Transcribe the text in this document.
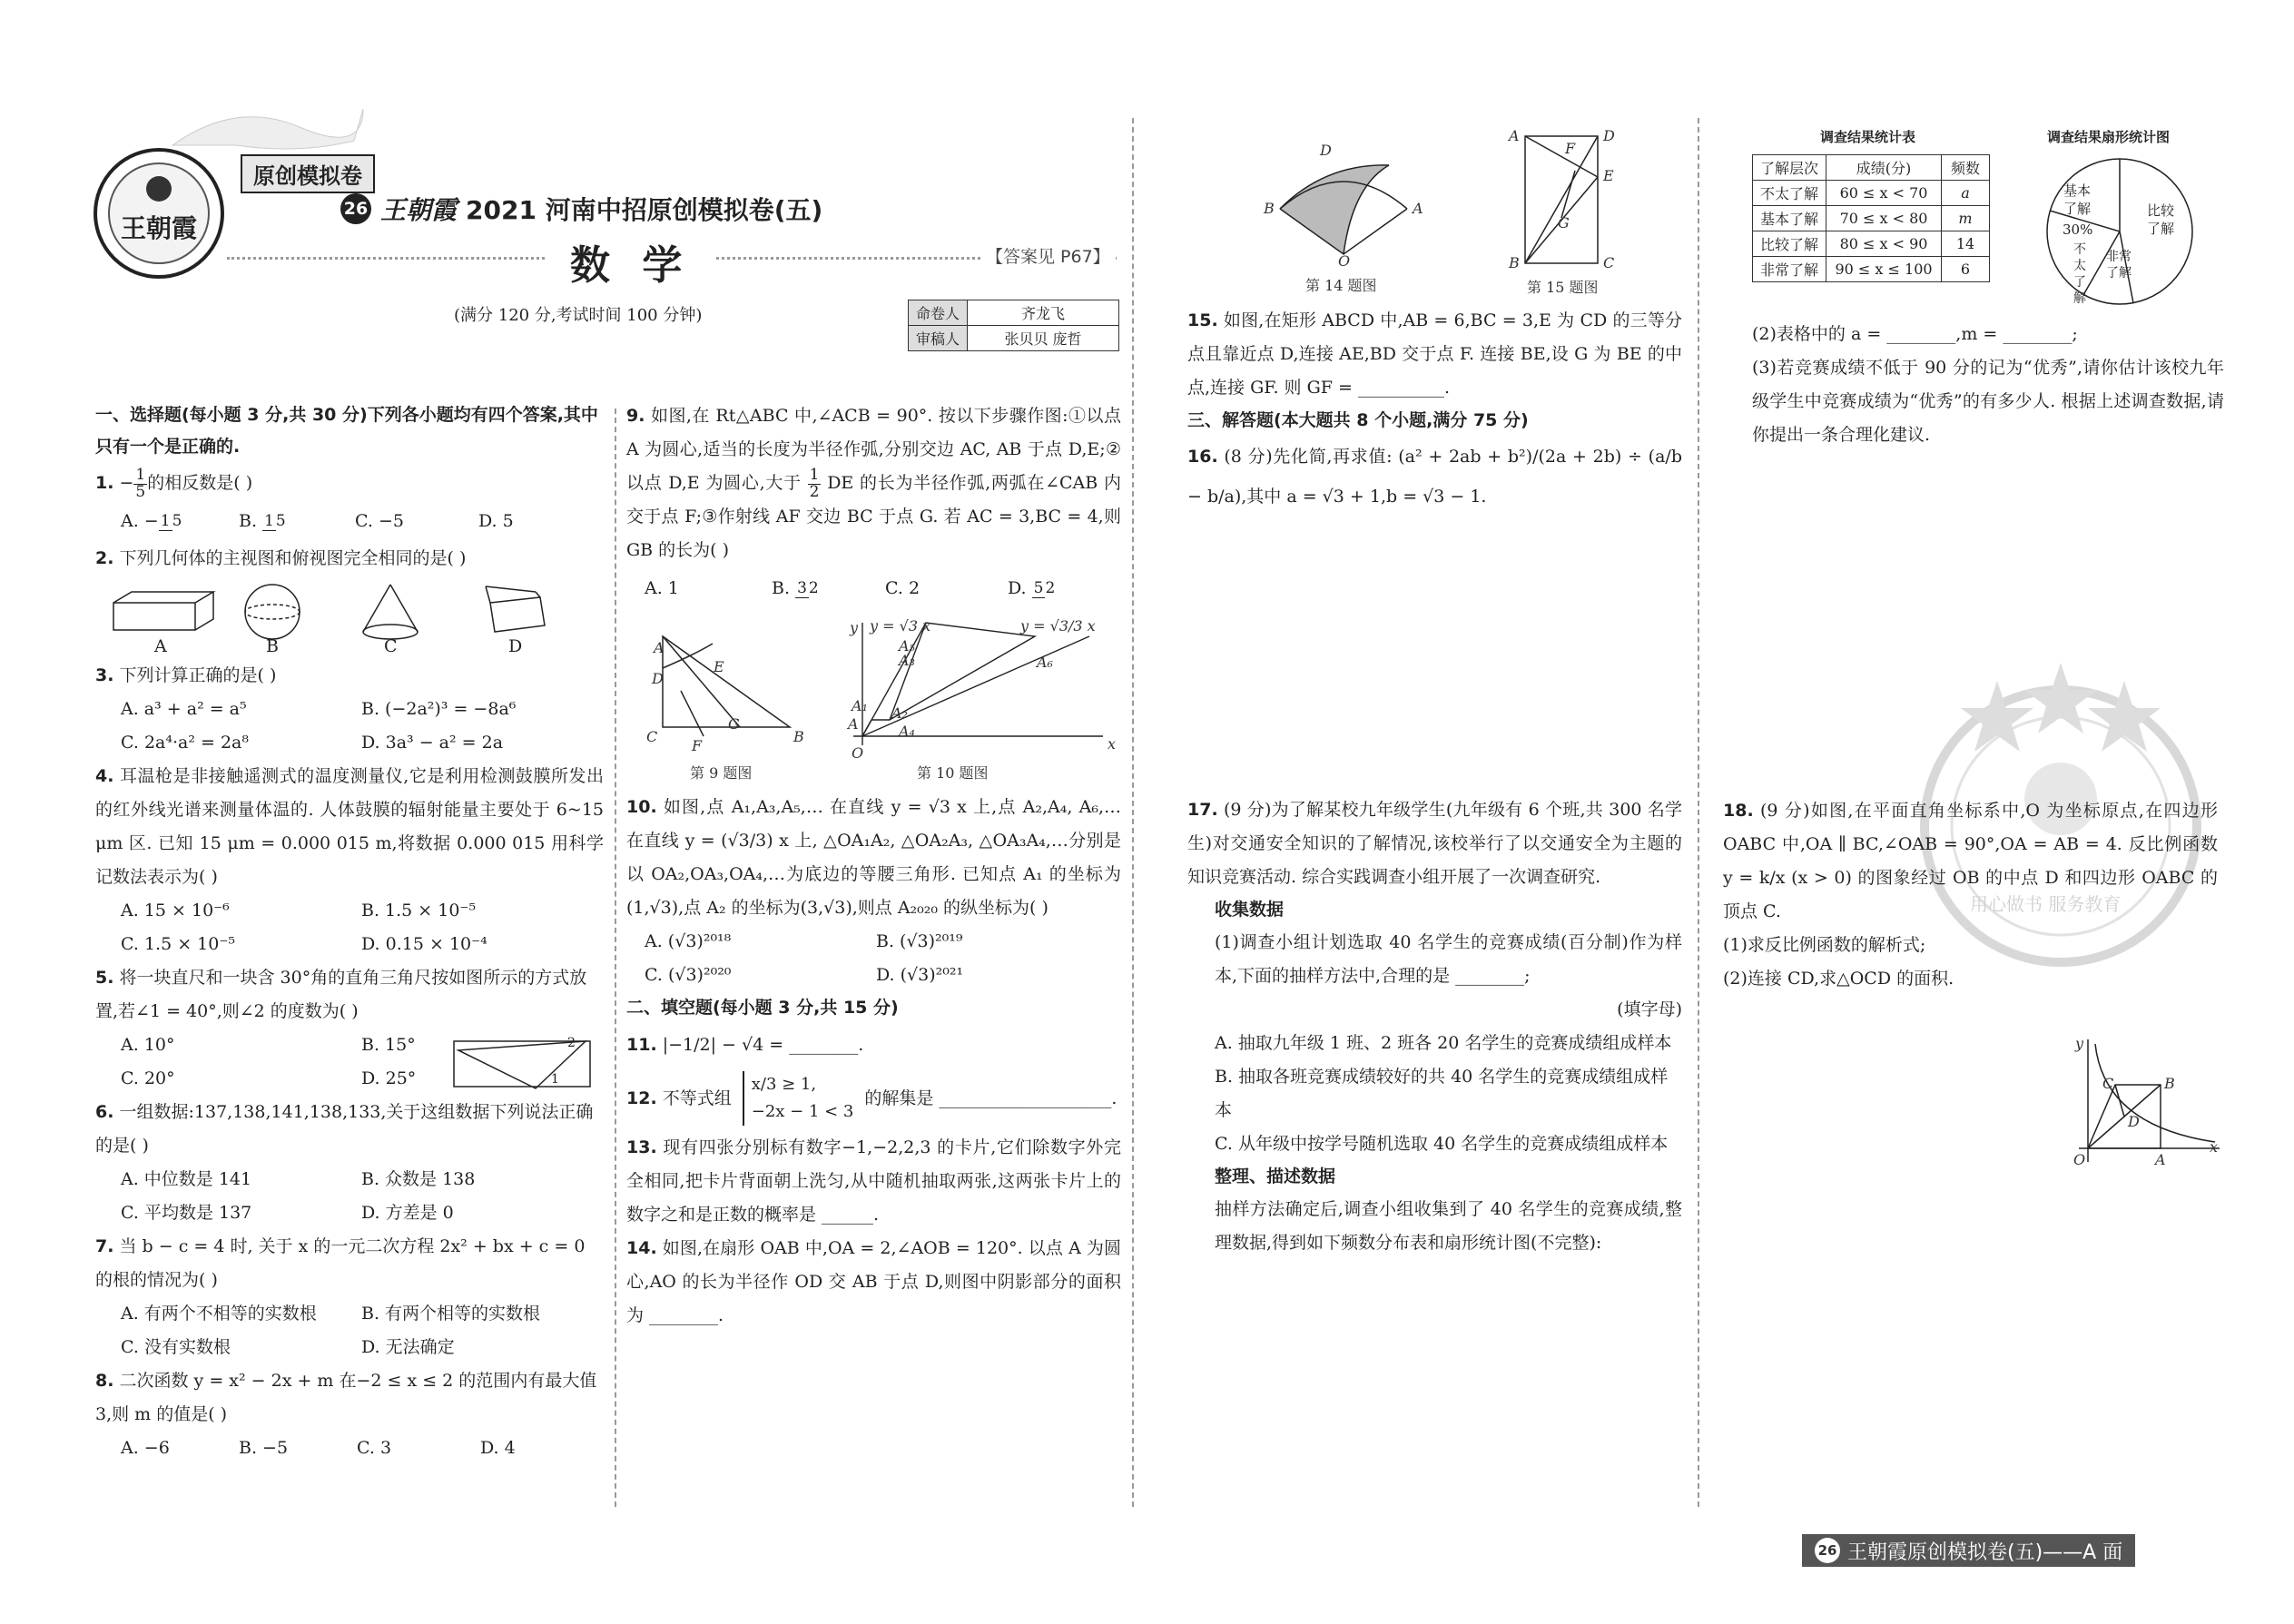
王朝霞
原创模拟卷
26 王朝霞 2021 河南中招原创模拟卷(五)
数 学	【答案见 P67】
(满分 120 分,考试时间 100 分钟)	命卷人	齐龙飞
审稿人	张贝贝 庞哲

一、选择题(每小题 3 分,共 30 分)下列各小题均有四个答案,其中只有一个是正确的.

1. − $\frac{1}{5}$ 的相反数是( )

A. − 1 5	B. 1 5	C. −5	D. 5

2. 下列几何体的主视图和俯视图完全相同的是( )

A	B	C	D

3. 下列计算正确的是( )

A. a³ + a² = a⁵	B. (−2a²)³ = −8a⁶
C. 2a⁴·a² = 2a⁸	D. 3a³ − a² = 2a

4. 耳温枪是非接触遥测式的温度测量仪,它是利用检测鼓膜所发出的红外线光谱来测量体温的. 人体鼓膜的辐射能量主要处于 6~15 μm 区. 已知 15 μm = 0.000 015 m,将数据 0.000 015 用科学记数法表示为( )

A. 15 × 10⁻⁶	B. 1.5 × 10⁻⁵
C. 1.5 × 10⁻⁵	D. 0.15 × 10⁻⁴

5. 将一块直尺和一块含 30°角的直角三角尺按如图所示的方式放置,若∠1 = 40°,则∠2 的度数为( )

A. 10°	B. 15°
C. 20°	D. 25°
2
1

6. 一组数据:137,138,141,138,133,关于这组数据下列说法正确的是( )

A. 中位数是 141	B. 众数是 138
C. 平均数是 137	D. 方差是 0

7. 当 b − c = 4 时, 关于 x 的一元二次方程 2x² + bx + c = 0 的根的情况为( )

A. 有两个不相等的实数根	B. 有两个相等的实数根
C. 没有实数根	D. 无法确定

8. 二次函数 y = x² − 2x + m 在−2 ≤ x ≤ 2 的范围内有最大值 3,则 m 的值是( )

A. −6	B. −5	C. 3	D. 4

9. 如图,在 Rt△ABC 中,∠ACB = 90°. 按以下步骤作图:①以点 A 为圆心,适当的长度为半径作弧,分别交边 AC, AB 于点 D,E;②以点 D,E 为圆心,大于 $\frac{1}{2}$ DE 的长为半径作弧,两弧在∠CAB 内交于点 F;③作射线 AF 交边 BC 于点 G. 若 AC = 3,BC = 4,则 GB 的长为( )

A. 1	B. 3 2	C. 2	D. 5 2
A
D
E
F
G
C	B
第 9 题图
y
x
O
A
A₁ A₂
A₃
A₄
A₅
A₆
y = √3 x	y = √3/3 x
第 10 题图

10. 如图,点 A₁,A₃,A₅,… 在直线 y = √3 x 上,点 A₂,A₄, A₆,… 在直线 y = (√3/3) x 上, △OA₁A₂, △OA₂A₃, △OA₃A₄,…分别是以 OA₂,OA₃,OA₄,…为底边的等腰三角形. 已知点 A₁ 的坐标为(1,√3),点 A₂ 的坐标为(3,√3),则点 A₂₀₂₀ 的纵坐标为( )

A. (√3)²⁰¹⁸	B. (√3)²⁰¹⁹
C. (√3)²⁰²⁰	D. (√3)²⁰²¹

二、填空题(每小题 3 分,共 15 分)

11. |−1/2| − √4 = ________.

12.
不等式组
x/3 ≥ 1,
−2x − 1 < 3
的解集是 ____________________.

13. 现有四张分别标有数字−1,−2,2,3 的卡片,它们除数字外完全相同,把卡片背面朝上洗匀,从中随机抽取两张,这两张卡片上的数字之和是正数的概率是 ______.

14. 如图,在扇形 OAB 中,OA = 2,∠AOB = 120°. 以点 A 为圆心,AO 的长为半径作 OD 交 AB 于点 D,则图中阴影部分的面积为 ________.

D
A
B
O
第 14 题图
A	D
F
E
G
B	C
第 15 题图

15. 如图,在矩形 ABCD 中,AB = 6,BC = 3,E 为 CD 的三等分点且靠近点 D,连接 AE,BD 交于点 F. 连接 BE,设 G 为 BE 的中点,连接 GF. 则 GF = __________.

三、解答题(本大题共 8 个小题,满分 75 分)

16. (8 分)先化简,再求值: (a² + 2ab + b²)/(2a + 2b) ÷ (a/b − b/a),其中 a = √3 + 1,b = √3 − 1.

17. (9 分)为了解某校九年级学生(九年级有 6 个班,共 300 名学生)对交通安全知识的了解情况,该校举行了以交通安全为主题的知识竞赛活动. 综合实践调查小组开展了一次调查研究.

收集数据

(1)调查小组计划选取 40 名学生的竞赛成绩(百分制)作为样本,下面的抽样方法中,合理的是 ________;

(填字母)

A. 抽取九年级 1 班、2 班各 20 名学生的竞赛成绩组成样本

B. 抽取各班竞赛成绩较好的共 40 名学生的竞赛成绩组成样本

C. 从年级中按学号随机选取 40 名学生的竞赛成绩组成样本

整理、描述数据

抽样方法确定后,调查小组收集到了 40 名学生的竞赛成绩,整理数据,得到如下频数分布表和扇形统计图(不完整):

调查结果统计表
了解层次	成绩(分)	频数
不太了解	60 ≤ x < 70	a
基本了解	70 ≤ x < 80	m
比较了解	80 ≤ x < 90	14
非常了解	90 ≤ x ≤ 100	6
调查结果扇形统计图
基本了解
30%
比较了解
不太了解
非常了解

(2)表格中的 a = ________,m = ________;

(3)若竞赛成绩不低于 90 分的记为“优秀”,请你估计该校九年级学生中竞赛成绩为“优秀”的有多少人. 根据上述调查数据,请你提出一条合理化建议.

用心做书 服务教育

18. (9 分)如图,在平面直角坐标系中,O 为坐标原点,在四边形 OABC 中,OA ∥ BC,∠OAB = 90°,OA = AB = 4. 反比例函数 y = k/x (x > 0) 的图象经过 OB 的中点 D 和四边形 OABC 的顶点 C.

(1)求反比例函数的解析式;

(2)连接 CD,求△OCD 的面积.

y
x
O	A
B
C
D
26 王朝霞原创模拟卷(五)——A 面
